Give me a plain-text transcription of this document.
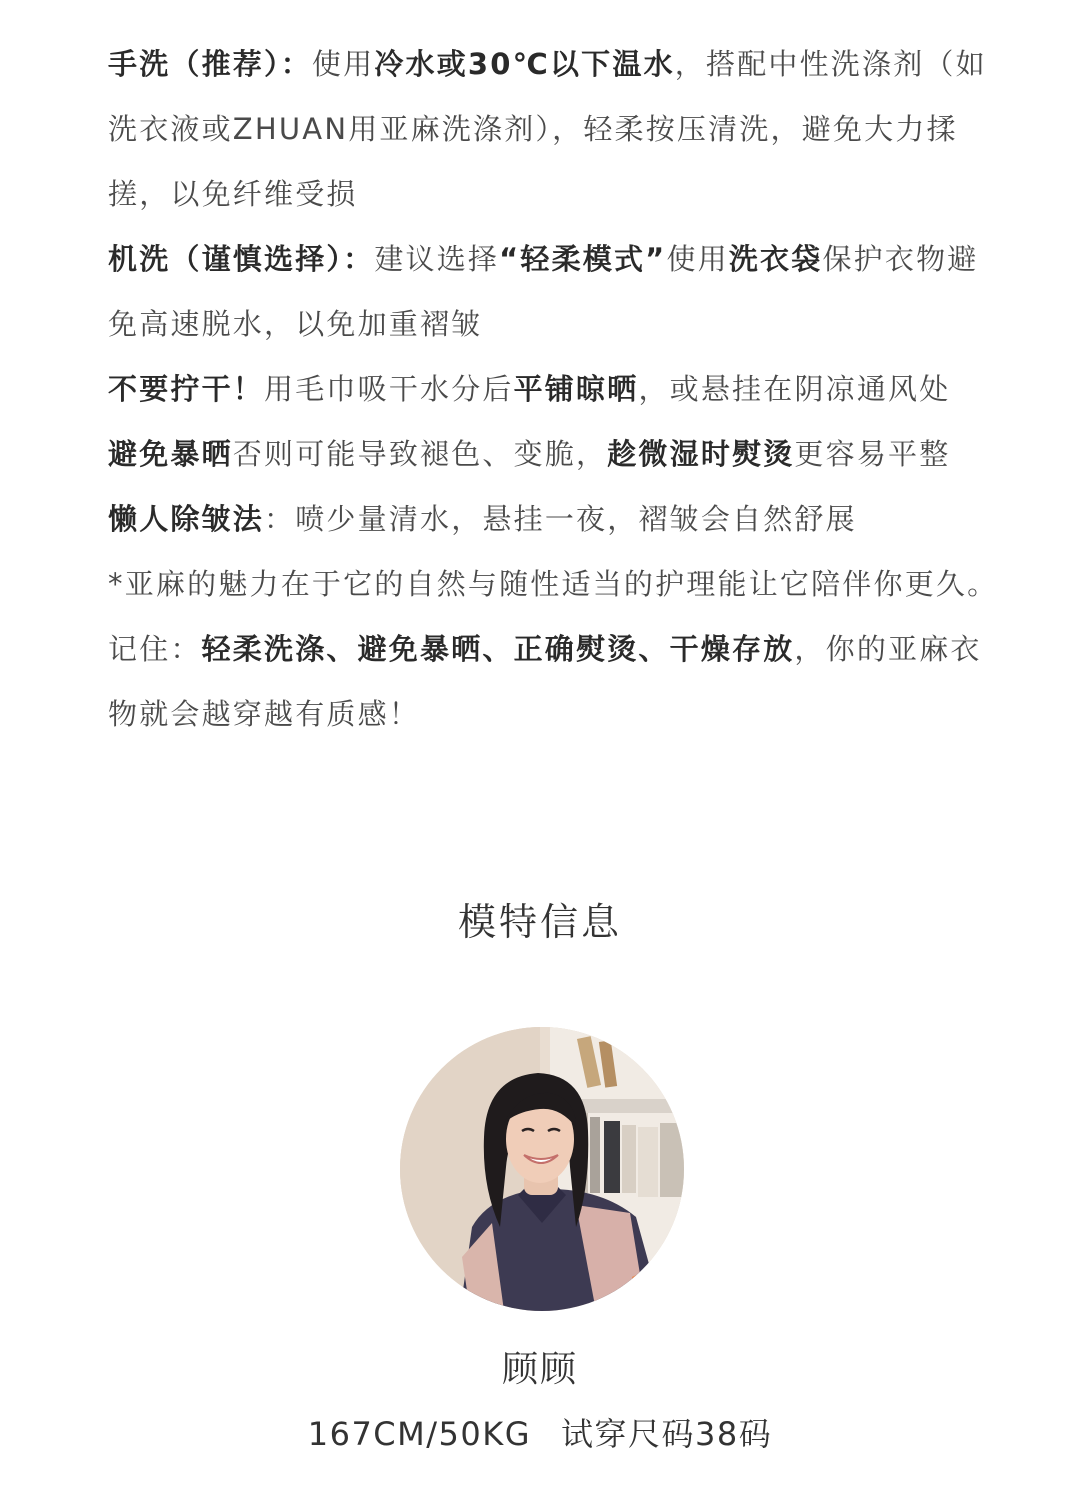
手洗（推荐）：使用冷水或30℃以下温水，搭配中性洗涤剂（如洗衣液或ZHUAN用亚麻洗涤剂），轻柔按压清洗，避免大力揉搓，以免纤维受损

机洗（谨慎选择）：建议选择“轻柔模式”使用洗衣袋保护衣物避免高速脱水，以免加重褶皱

不要拧干！用毛巾吸干水分后平铺晾晒，或悬挂在阴凉通风处

避免暴晒否则可能导致褪色、变脆，趁微湿时熨烫更容易平整

懒人除皱法：喷少量清水，悬挂一夜，褶皱会自然舒展

*亚麻的魅力在于它的自然与随性适当的护理能让它陪伴你更久。记住：轻柔洗涤、避免暴晒、正确熨烫、干燥存放，你的亚麻衣物就会越穿越有质感！

模特信息
顾顾
167CM/50KG 试穿尺码38码
